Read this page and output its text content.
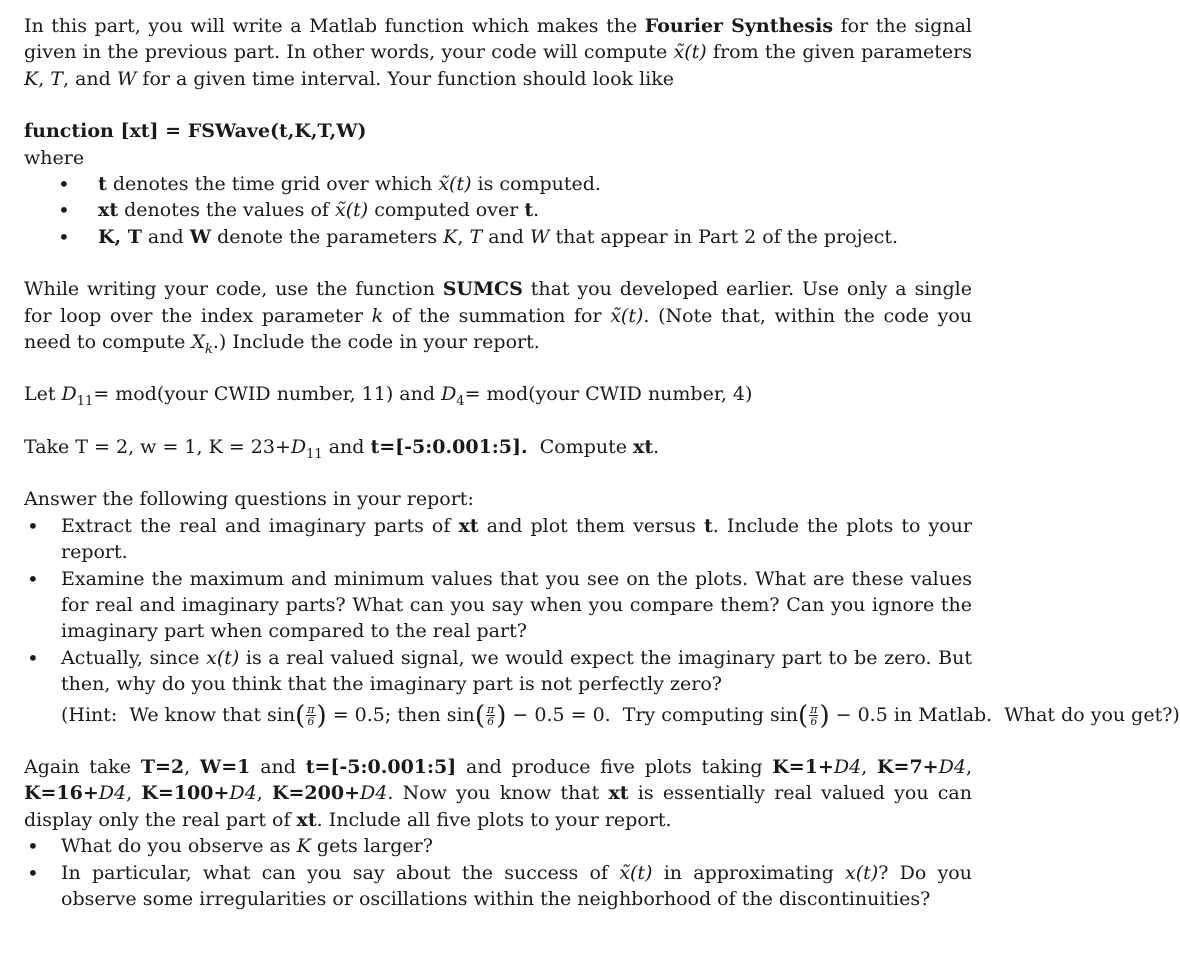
In this part, you will write a Matlab function which makes the Fourier Synthesis for the signal given in the previous part. In other words, your code will compute x̃(t) from the given parameters K, T, and W for a given time interval. Your function should look like

function [xt] = FSWave(t,K,T,W)

where

• t denotes the time grid over which x̃(t) is computed.
• xt denotes the values of x̃(t) computed over t.
• K, T and W denote the parameters K, T and W that appear in Part 2 of the project.

While writing your code, use the function SUMCS that you developed earlier. Use only a single for loop over the index parameter k of the summation for x̃(t). (Note that, within the code you need to compute $X_k$.) Include the code in your report.

Let $D_{11}=$ mod(your CWID number, 11) and $D_4=$ mod(your CWID number, 4)

Take T = 2, w = 1, $K = 23+D_{11}$ and t=[-5:0.001:5].  Compute xt.

Answer the following questions in your report:

• Extract the real and imaginary parts of xt and plot them versus t. Include the plots to your report.
• Examine the maximum and minimum values that you see on the plots. What are these values for real and imaginary parts? What can you say when you compare them? Can you ignore the imaginary part when compared to the real part?
• Actually, since x(t) is a real valued signal, we would expect the imaginary part to be zero. But then, why do you think that the imaginary part is not perfectly zero?
(Hint:  We know that $\sin( \frac{\pi}{6}$ ) = 0.5; then $\sin( \frac{\pi}{6}$ ) − 0.5 = 0.  Try computing $\sin( \frac{\pi}{6}$ ) − 0.5 in Matlab.  What do you get?)

Again take T=2, W=1 and t=[-5:0.001:5] and produce five plots taking K=1+D4, K=7+D4, K=16+D4, K=100+D4, K=200+D4. Now you know that xt is essentially real valued you can display only the real part of xt. Include all five plots to your report.

• What do you observe as K gets larger?
• In particular, what can you say about the success of x̃(t) in approximating x(t)? Do you observe some irregularities or oscillations within the neighborhood of the discontinuities?
